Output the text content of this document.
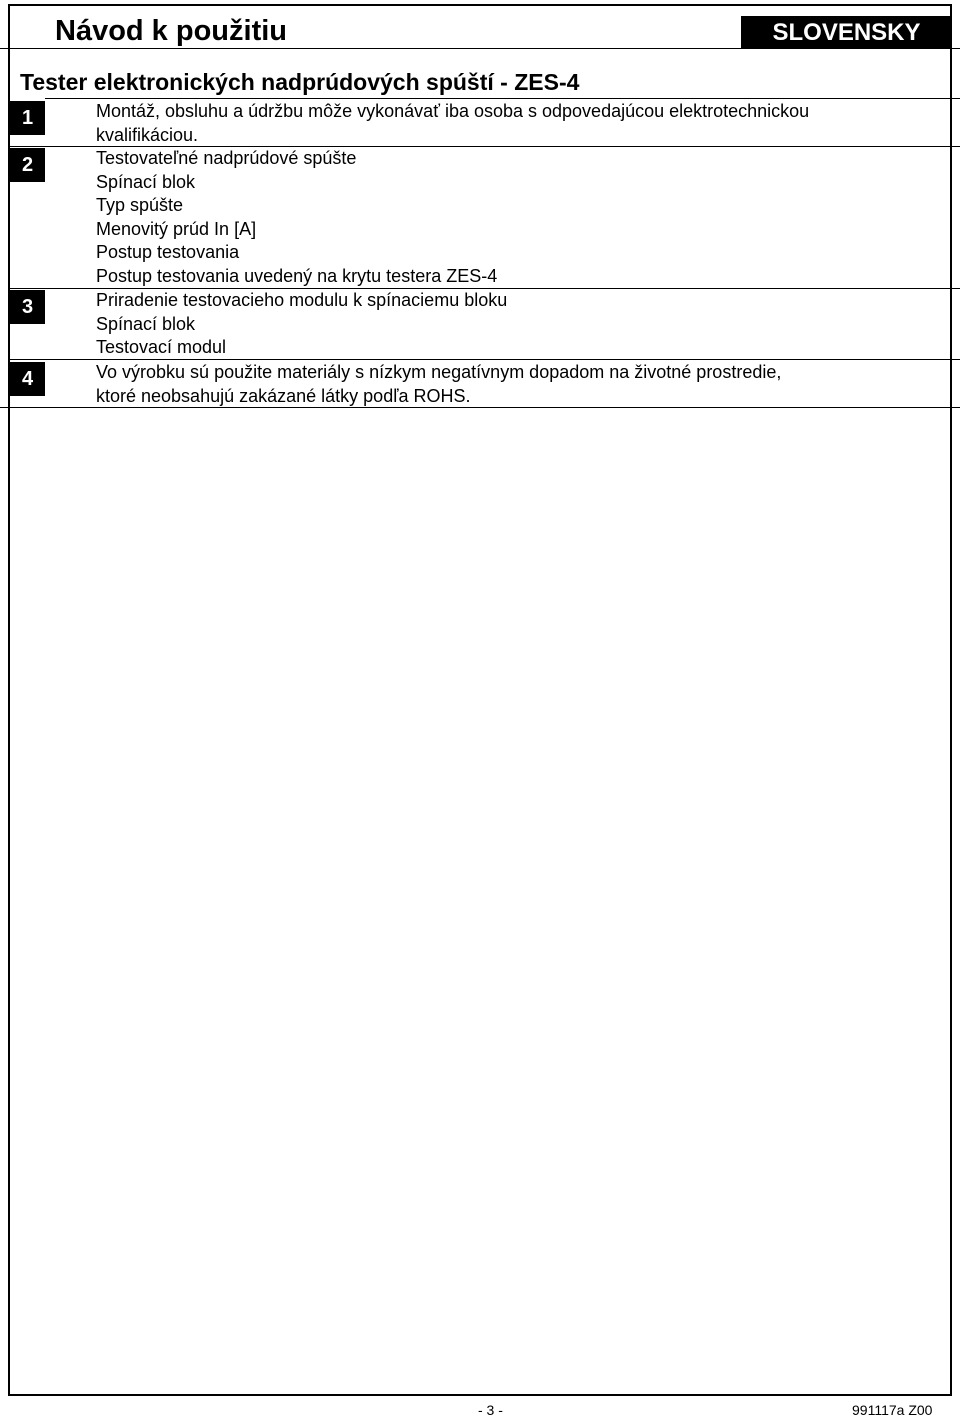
Návod k použitiu	SLOVENSKY
Tester elektronických nadprúdových spúští - ZES-4
1	Montáž, obsluhu a údržbu môže vykonávať iba osoba s odpovedajúcou elektrotechnickou
kvalifikáciou.
2	Testovateľné nadprúdové spúšte
Spínací blok
Typ spúšte
Menovitý prúd In [A]
Postup testovania
Postup testovania uvedený na krytu testera ZES-4
3	Priradenie testovacieho modulu k spínaciemu bloku
Spínací blok
Testovací modul
4	Vo výrobku sú použite materiály s nízkym negatívnym dopadom na životné prostredie,
ktoré neobsahujú zakázané látky podľa ROHS.
- 3 -	991117a Z00
